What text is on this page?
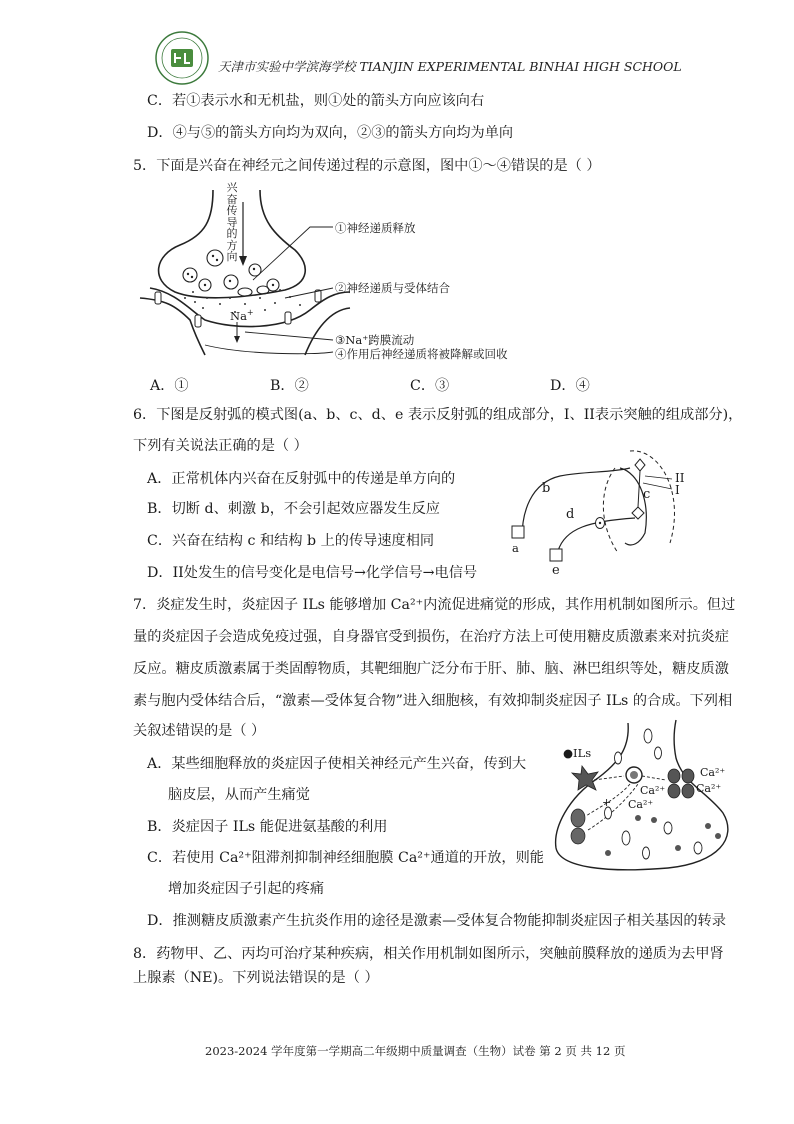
天津市实验中学滨海学校 TIANJIN EXPERIMENTAL BINHAI HIGH SCHOOL
C．若①表示水和无机盐，则①处的箭头方向应该向右
D．④与⑤的箭头方向均为双向，②③的箭头方向均为单向
5．下面是兴奋在神经元之间传递过程的示意图，图中①～④错误的是（ ）
兴
奋
传
导
的
方
向
Na+
①神经递质释放
②神经递质与受体结合
③Na⁺跨膜流动
④作用后神经递质将被降解或回收
A．①	B．②	C．③	D．④
6．下图是反射弧的模式图(a、b、c、d、e 表示反射弧的组成部分，I、II表示突触的组成部分)，
下列有关说法正确的是（ ）
A．正常机体内兴奋在反射弧中的传递是单方向的
B．切断 d、刺激 b，不会引起效应器发生反应
C．兴奋在结构 c 和结构 b 上的传导速度相同
D．II处发生的信号变化是电信号→化学信号→电信号
a
b	c
d
e
II
I
7．炎症发生时，炎症因子 ILs 能够增加 Ca²⁺内流促进痛觉的形成，其作用机制如图所示。但过
量的炎症因子会造成免疫过强，自身器官受到损伤，在治疗方法上可使用糖皮质激素来对抗炎症
反应。糖皮质激素属于类固醇物质，其靶细胞广泛分布于肝、肺、脑、淋巴组织等处，糖皮质激
素与胞内受体结合后，“激素—受体复合物”进入细胞核，有效抑制炎症因子 ILs 的合成。下列相
关叙述错误的是（ ）
A．某些细胞释放的炎症因子使相关神经元产生兴奋，传到大
脑皮层，从而产生痛觉
B．炎症因子 ILs 能促进氨基酸的利用
C．若使用 Ca²⁺阻滞剂抑制神经细胞膜 Ca²⁺通道的开放，则能
增加炎症因子引起的疼痛
D．推测糖皮质激素产生抗炎作用的途径是激素—受体复合物能抑制炎症因子相关基因的转录
●ILs
Ca²⁺
Ca²⁺
Ca²⁺
Ca²⁺
+
8．药物甲、乙、丙均可治疗某种疾病，相关作用机制如图所示，突触前膜释放的递质为去甲肾
上腺素（NE)。下列说法错误的是（ ）
2023-2024 学年度第一学期高二年级期中质量调查（生物）试卷 第 2 页 共 12 页
